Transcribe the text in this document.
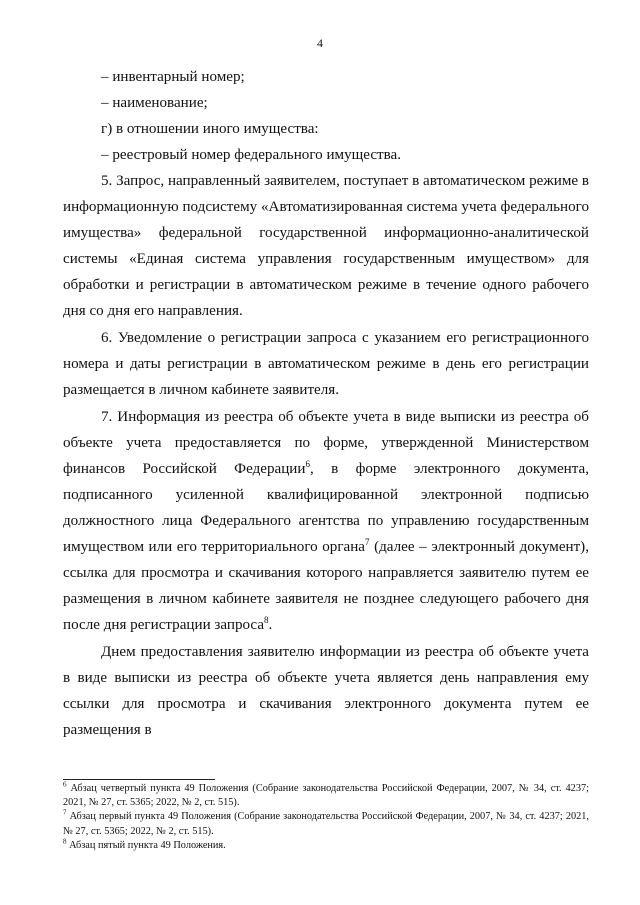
4

– инвентарный номер;

– наименование;

г) в отношении иного имущества:

– реестровый номер федерального имущества.

5. Запрос, направленный заявителем, поступает в автоматическом режиме в информационную подсистему «Автоматизированная система учета федерального имущества» федеральной государственной информационно-аналитической системы «Единая система управления государственным имуществом» для обработки и регистрации в автоматическом режиме в течение одного рабочего дня со дня его направления.

6. Уведомление о регистрации запроса с указанием его регистрационного номера и даты регистрации в автоматическом режиме в день его регистрации размещается в личном кабинете заявителя.

7. Информация из реестра об объекте учета в виде выписки из реестра об объекте учета предоставляется по форме, утвержденной Министерством финансов Российской Федерации$^6$, в форме электронного документа, подписанного усиленной квалифицированной электронной подписью должностного лица Федерального агентства по управлению государственным имуществом или его территориального органа$^7$ (далее – электронный документ), ссылка для просмотра и скачивания которого направляется заявителю путем ее размещения в личном кабинете заявителя не позднее следующего рабочего дня после дня регистрации запроса$^8$.

Днем предоставления заявителю информации из реестра об объекте учета в виде выписки из реестра об объекте учета является день направления ему ссылки для просмотра и скачивания электронного документа путем ее размещения в

$^6$ Абзац четвертый пункта 49 Положения (Собрание законодательства Российской Федерации, 2007, № 34, ст. 4237; 2021, № 27, ст. 5365; 2022, № 2, ст. 515).

$^7$ Абзац первый пункта 49 Положения (Собрание законодательства Российской Федерации, 2007, № 34, ст. 4237; 2021, № 27, ст. 5365; 2022, № 2, ст. 515).

$^8$ Абзац пятый пункта 49 Положения.
